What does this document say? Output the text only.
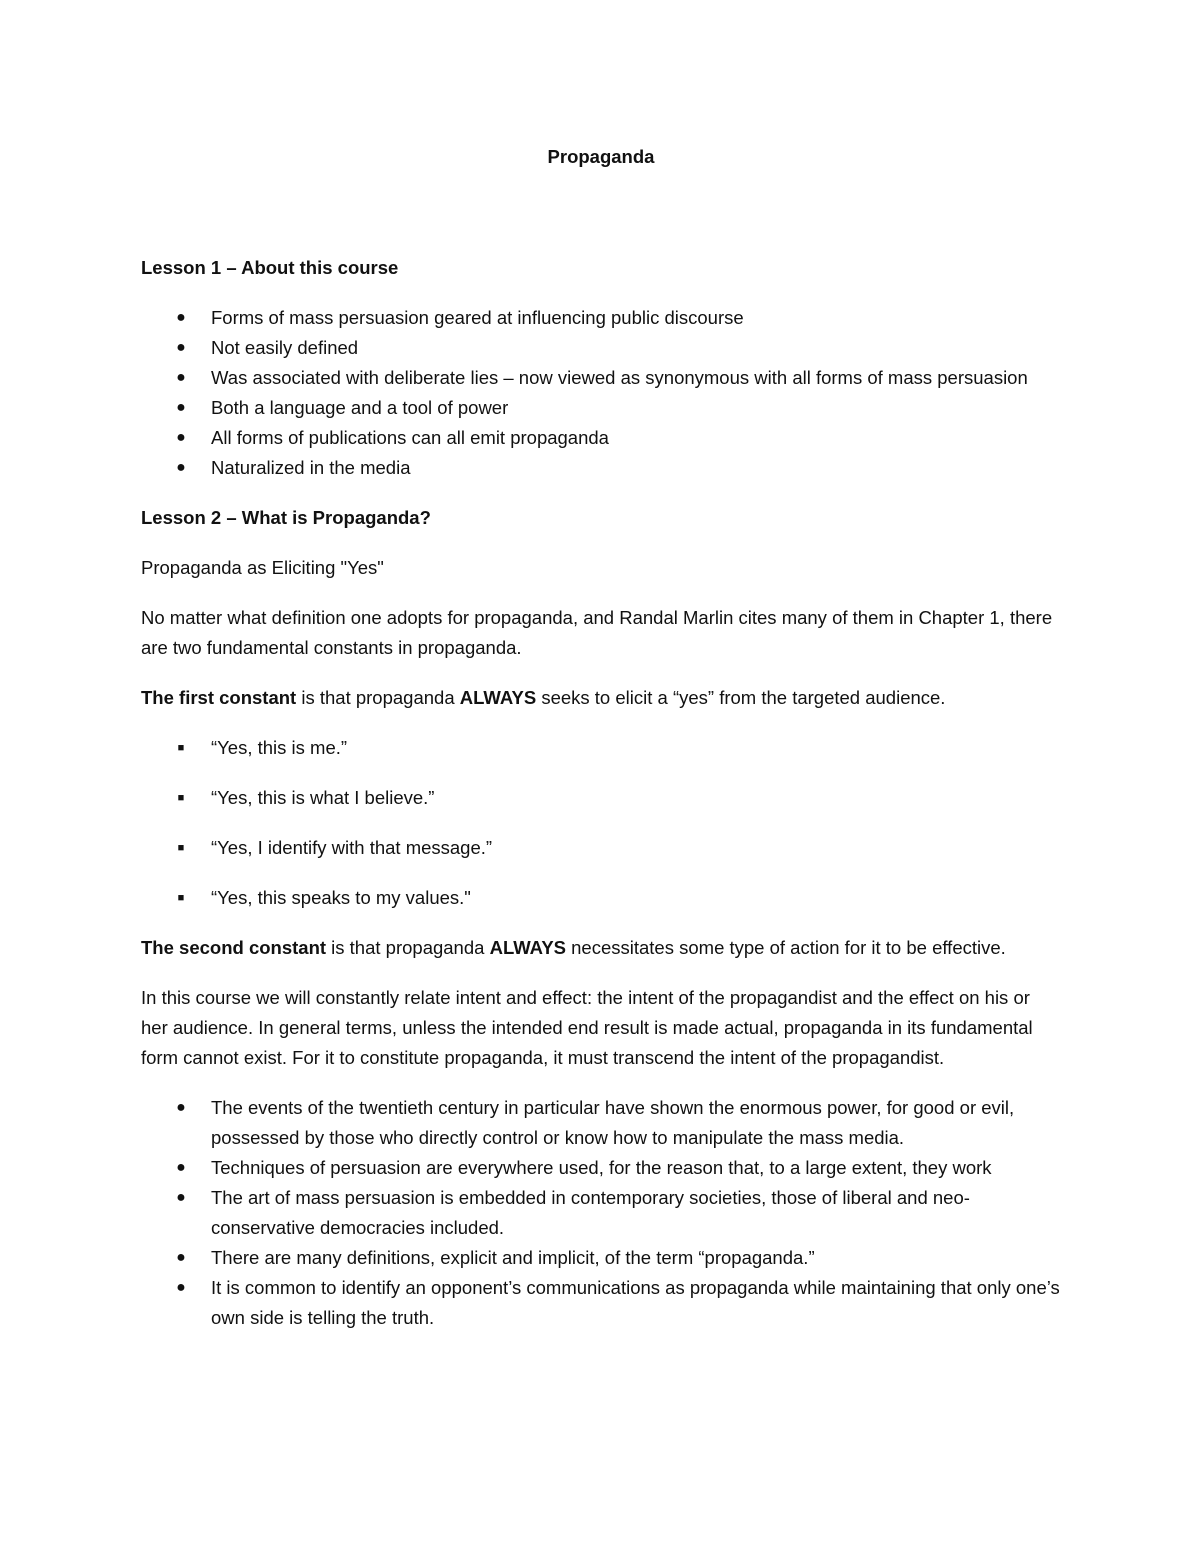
Propaganda

Lesson 1 – About this course

● Forms of mass persuasion geared at influencing public discourse
● Not easily defined
● Was associated with deliberate lies – now viewed as synonymous with all forms of mass persuasion
● Both a language and a tool of power
● All forms of publications can all emit propaganda
● Naturalized in the media

Lesson 2 – What is Propaganda?

Propaganda as Eliciting "Yes"

No matter what definition one adopts for propaganda, and Randal Marlin cites many of them in Chapter 1, there are two fundamental constants in propaganda.

The first constant is that propaganda ALWAYS seeks to elicit a “yes” from the targeted audience.

■ “Yes, this is me.”
■ “Yes, this is what I believe.”
■ “Yes, I identify with that message.”
■ “Yes, this speaks to my values."

The second constant is that propaganda ALWAYS necessitates some type of action for it to be effective.

In this course we will constantly relate intent and effect: the intent of the propagandist and the effect on his or her audience. In general terms, unless the intended end result is made actual, propaganda in its fundamental form cannot exist. For it to constitute propaganda, it must transcend the intent of the propagandist.

● The events of the twentieth century in particular have shown the enormous power, for good or evil, possessed by those who directly control or know how to manipulate the mass media.
● Techniques of persuasion are everywhere used, for the reason that, to a large extent, they work
● The art of mass persuasion is embedded in contemporary societies, those of liberal and neo-conservative democracies included.
● There are many definitions, explicit and implicit, of the term “propaganda.”
● It is common to identify an opponent’s communications as propaganda while maintaining that only one’s own side is telling the truth.
